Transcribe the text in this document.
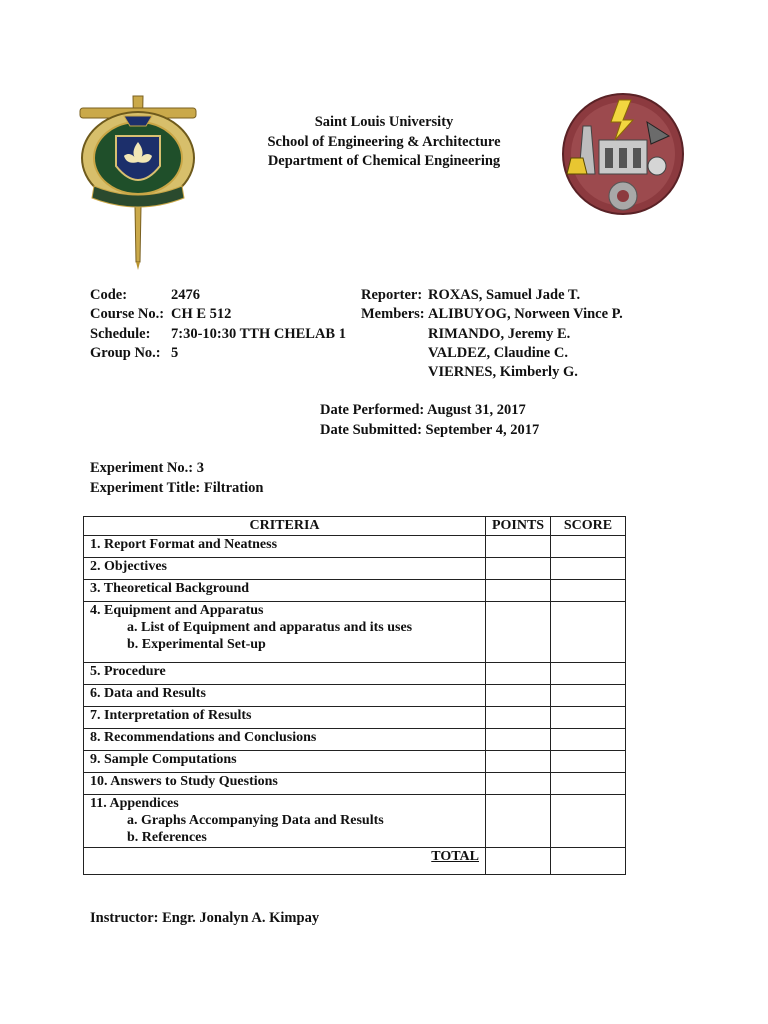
Saint Louis University
School of Engineering & Architecture
Department of Chemical Engineering
Code:	2476
Course No.: CH E 512
Schedule:	7:30-10:30 TTH CHELAB 1
Group No.: 5
Reporter: ROXAS, Samuel Jade T.
Members: ALIBUYOG, Norween Vince P.
RIMANDO, Jeremy E.
VALDEZ, Claudine C.
VIERNES, Kimberly G.
Date Performed: August 31, 2017
Date Submitted: September 4, 2017
Experiment No.: 3
Experiment Title: Filtration
CRITERIA	POINTS	SCORE

1. Report Format and Neatness		

2. Objectives		

3. Theoretical Background		

4. Equipment and Apparatus
a. List of Equipment and apparatus and its uses
b. Experimental Set-up		

5. Procedure		

6. Data and Results		

7. Interpretation of Results		

8. Recommendations and Conclusions		

9. Sample Computations		

10. Answers to Study Questions		

11. Appendices
a. Graphs Accompanying Data and Results
b. References		

TOTAL		
Instructor: Engr. Jonalyn A. Kimpay
